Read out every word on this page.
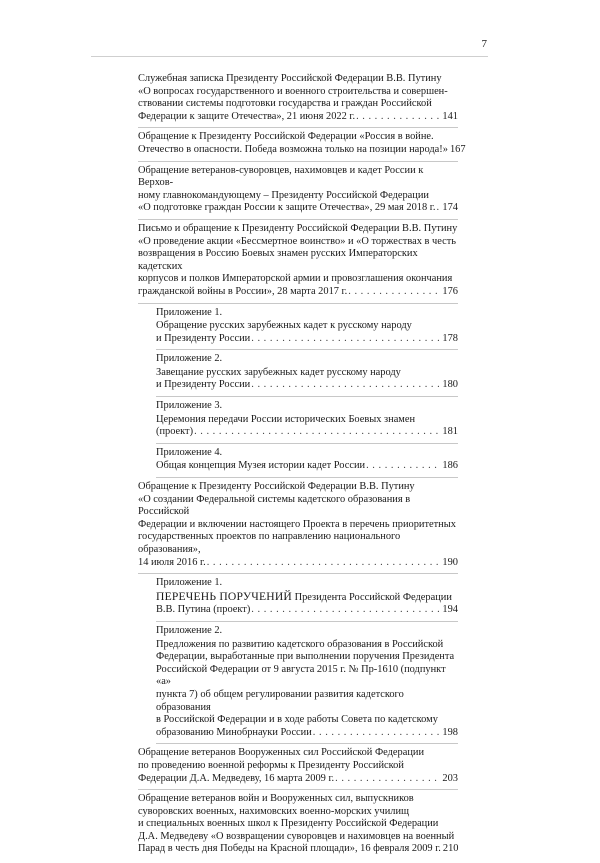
7
Служебная записка Президенту Российской Федерации В.В. Путину
«О вопросах государственного и военного строительства и совершен-
ствовании системы подготовки государства и граждан Российской
Федерации к защите Отечества», 21 июня 2022 г. . . .	141
Обращение к Президенту Российской Федерации «Россия в войне.
Отечество в опасности. Победа возможна только на позиции народа!» 167
Обращение ветеранов-суворовцев, нахимовцев и кадет России к Верхов-
ному главнокомандующему – Президенту Российской Федерации
«О подготовке граждан России к защите Отечества», 29 мая 2018 г. . . . 174
Письмо и обращение к Президенту Российской Федерации В.В. Путину
«О проведение акции «Бессмертное воинство» и «О торжествах в честь
возвращения в Россию Боевых знамен русских Императорских кадетских
корпусов и полков Императорской армии и провозглашения окончания
гражданской войны в России», 28 марта 2017 г. . . .	176
Приложение 1.
Обращение русских зарубежных кадет к русскому народу
и Президенту России . . .	178
Приложение 2.
Завещание русских зарубежных кадет русскому народу
и Президенту России . . .	180
Приложение 3.
Церемония передачи России исторических Боевых знамен
(проект) . . .	181
Приложение 4.
Общая концепция Музея истории кадет России . . .	186
Обращение к Президенту Российской Федерации В.В. Путину
«О создании Федеральной системы кадетского образования в Российской
Федерации и включении настоящего Проекта в перечень приоритетных
государственных проектов по направлению национального образования»,
14 июля 2016 г. . . .	190
Приложение 1.
ПЕРЕЧЕНЬ ПОРУЧЕНИЙ Президента Российской Федерации
В.В. Путина (проект) . . .	194
Приложение 2.
Предложения по развитию кадетского образования в Российской
Федерации, выработанные при выполнении поручения Президента
Российской Федерации от 9 августа 2015 г. № Пр-1610 (подпункт «а»
пункта 7) об общем регулировании развития кадетского образования
в Российской Федерации и в ходе работы Совета по кадетскому
образованию Минобрнауки России . . .	198
Обращение ветеранов Вооруженных сил Российской Федерации
по проведению военной реформы к Президенту Российской
Федерации Д.А. Медведеву, 16 марта 2009 г. . . .	203
Обращение ветеранов войн и Вооруженных сил, выпускников
суворовских военных, нахимовских военно-морских училищ
и специальных военных школ к Президенту Российской Федерации
Д.А. Медведеву «О возвращении суворовцев и нахимовцев на военный
Парад в честь дня Победы на Красной площади», 16 февраля 2009 г. 210
